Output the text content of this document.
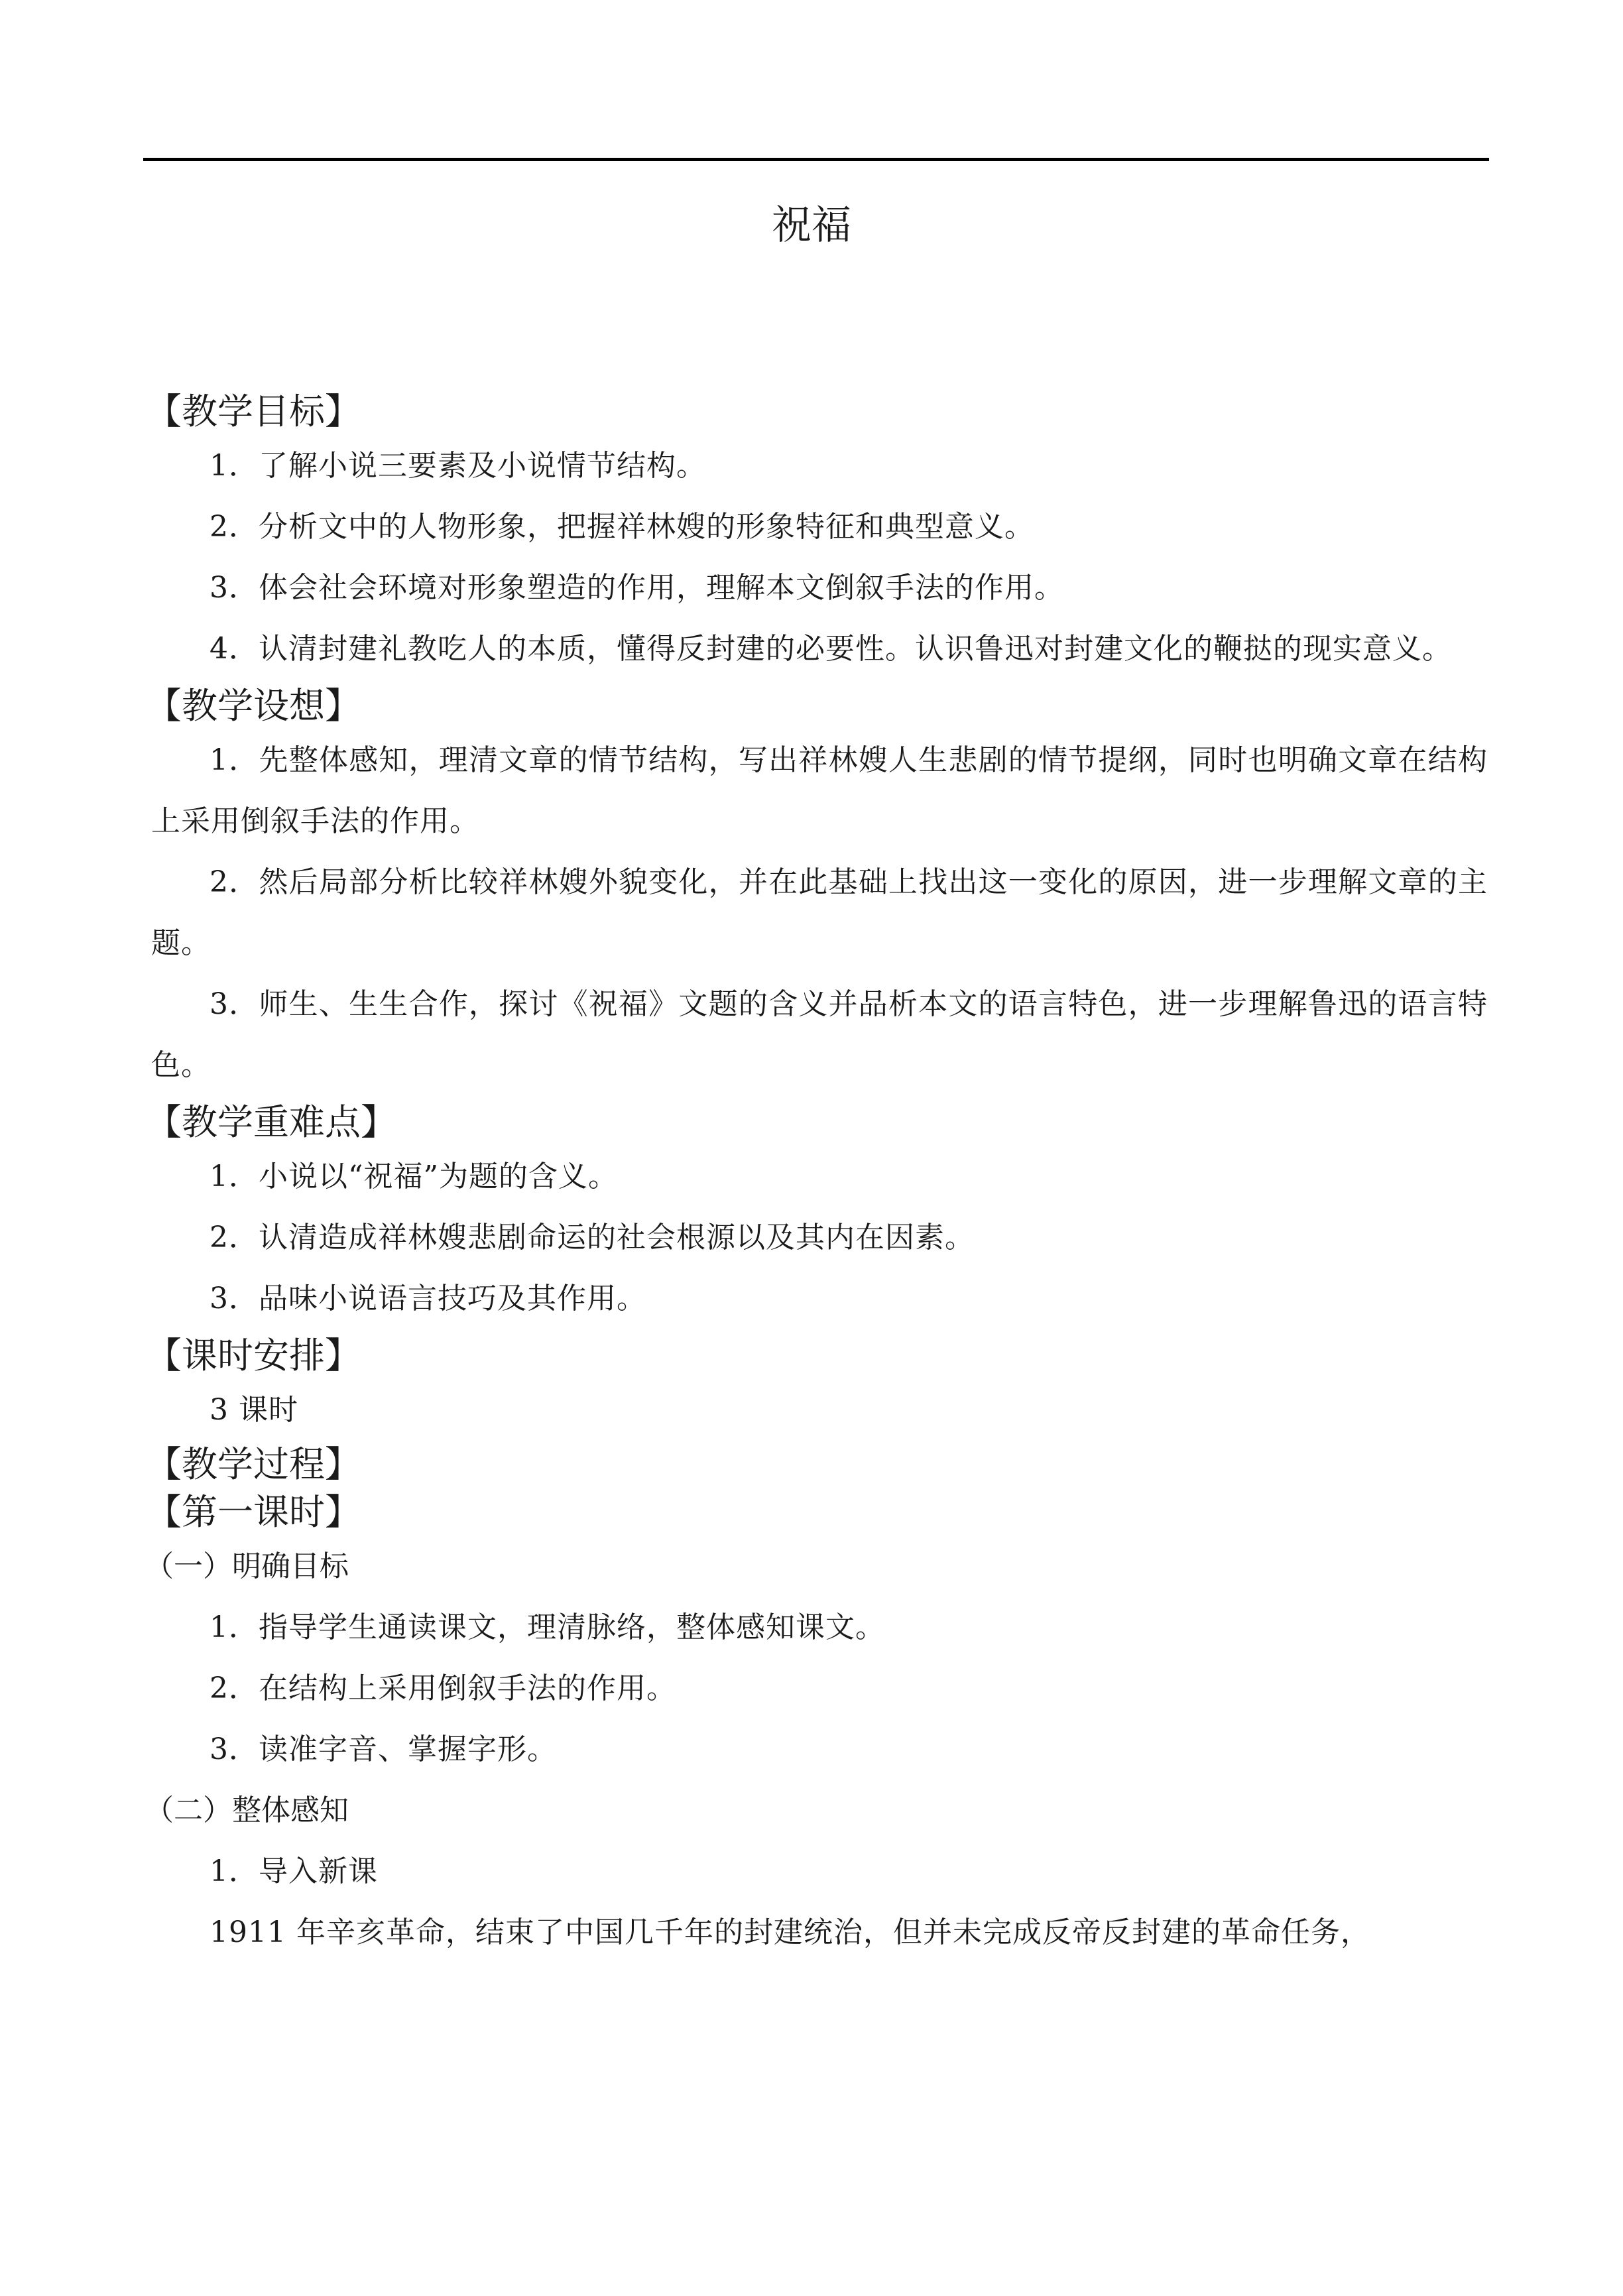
祝福
【教学目标】

1．了解小说三要素及小说情节结构。

2．分析文中的人物形象，把握祥林嫂的形象特征和典型意义。

3．体会社会环境对形象塑造的作用，理解本文倒叙手法的作用。

4．认清封建礼教吃人的本质，懂得反封建的必要性。认识鲁迅对封建文化的鞭挞的现实意义。

【教学设想】

1．先整体感知，理清文章的情节结构，写出祥林嫂人生悲剧的情节提纲，同时也明确文章在结构上采用倒叙手法的作用。

2．然后局部分析比较祥林嫂外貌变化，并在此基础上找出这一变化的原因，进一步理解文章的主题。

3．师生、生生合作，探讨《祝福》文题的含义并品析本文的语言特色，进一步理解鲁迅的语言特色。

【教学重难点】

1．小说以“祝福”为题的含义。

2．认清造成祥林嫂悲剧命运的社会根源以及其内在因素。

3．品味小说语言技巧及其作用。

【课时安排】

3 课时

【教学过程】
【第一课时】

（一）明确目标

1．指导学生通读课文，理清脉络，整体感知课文。

2．在结构上采用倒叙手法的作用。

3．读准字音、掌握字形。

（二）整体感知

1．导入新课

1911 年辛亥革命，结束了中国几千年的封建统治，但并未完成反帝反封建的革命任务，
